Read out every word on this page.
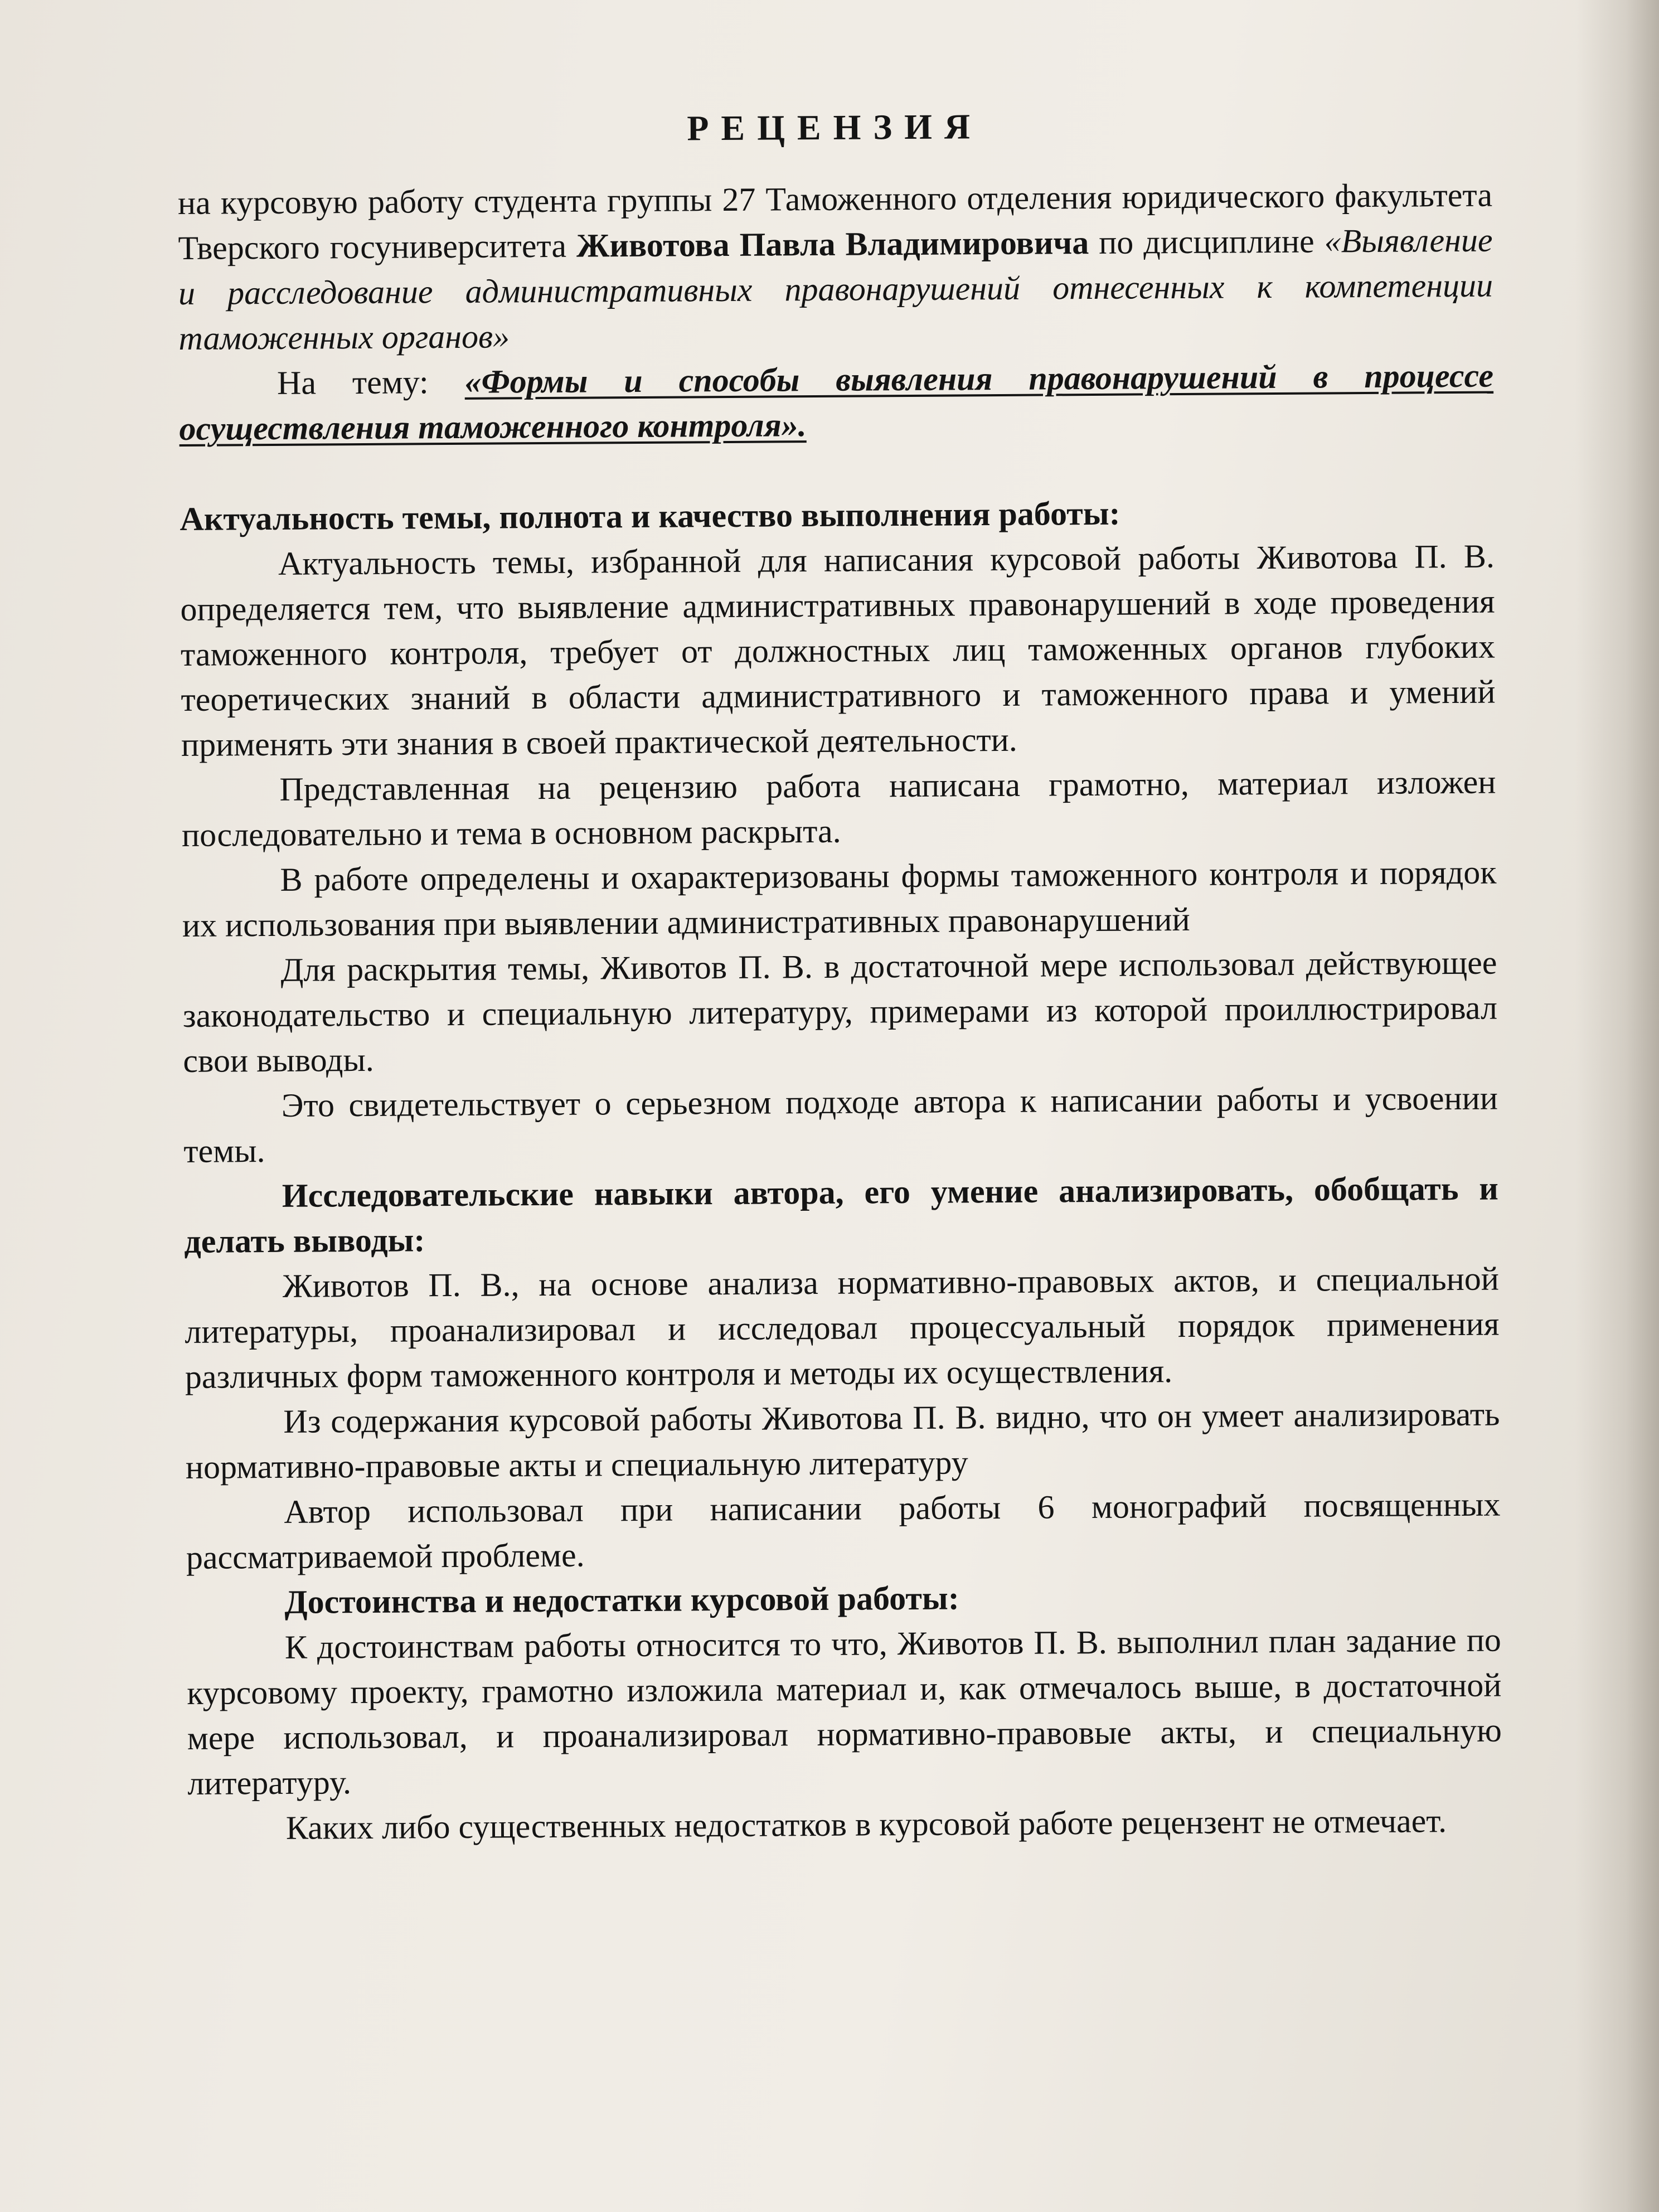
РЕЦЕНЗИЯ

на курсовую работу студента группы 27 Таможенного отделения юридического факультета Тверского госуниверситета Животова Павла Владимировича по дисциплине «Выявление и расследование административных правонарушений отнесенных к компетенции таможенных органов»

На тему: «Формы и способы выявления правонарушений в процессе осуществления таможенного контроля».

Актуальность темы, полнота и качество выполнения работы:

Актуальность темы, избранной для написания курсовой работы Животова П. В. определяется тем, что выявление административных правонарушений в ходе проведения таможенного контроля, требует от должностных лиц таможенных органов глубоких теоретических знаний в области административного и таможенного права и умений применять эти знания в своей практической деятельности.

Представленная на рецензию работа написана грамотно, материал изложен последовательно и тема в основном раскрыта.

В работе определены и охарактеризованы формы таможенного контроля и порядок их использования при выявлении административных правонарушений

Для раскрытия темы, Животов П. В. в достаточной мере использовал действующее законодательство и специальную литературу, примерами из которой проиллюстрировал свои выводы.

Это свидетельствует о серьезном подходе автора к написании работы и усвоении темы.

Исследовательские навыки автора, его умение анализировать, обобщать и делать выводы:

Животов П. В., на основе анализа нормативно-правовых актов, и специальной литературы, проанализировал и исследовал процессуальный порядок применения различных форм таможенного контроля и методы их осуществления.

Из содержания курсовой работы Животова П. В. видно, что он умеет анализировать нормативно-правовые акты и специальную литературу

Автор использовал при написании работы 6 монографий посвященных рассматриваемой проблеме.

Достоинства и недостатки курсовой работы:

К достоинствам работы относится то что, Животов П. В. выполнил план задание по курсовому проекту, грамотно изложила материал и, как отмечалось выше, в достаточной мере использовал, и проанализировал нормативно-правовые акты, и специальную литературу.

Каких либо существенных недостатков в курсовой работе рецензент не отмечает.
